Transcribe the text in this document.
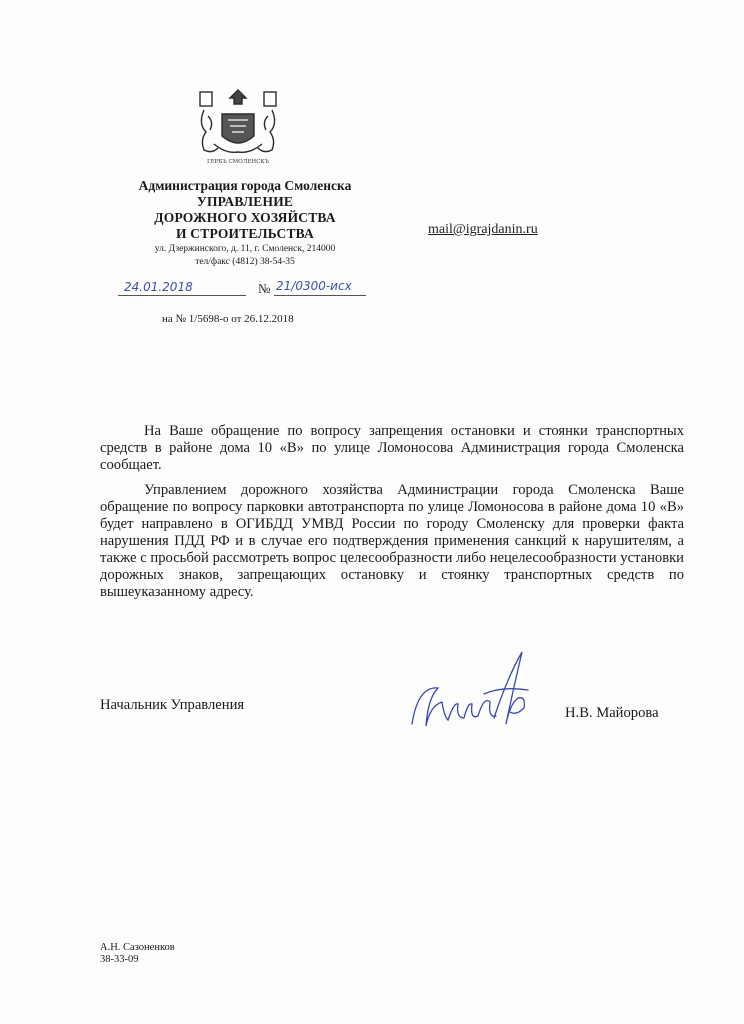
ГЕРБЪ СМОЛЕНСКЪ
Администрация города Смоленска
УПРАВЛЕНИЕ
ДОРОЖНОГО ХОЗЯЙСТВА
И СТРОИТЕЛЬСТВА
ул. Дзержинского, д. 11, г. Смоленск, 214000
тел/факс (4812) 38-54-35
mail@igrajdanin.ru
24.01.2018	№ 21/0300-исх
на № 1/5698-о от 26.12.2018

На Ваше обращение по вопросу запрещения остановки и стоянки транспортных средств в районе дома 10 «В» по улице Ломоносова Администрация города Смоленска сообщает.

Управлением дорожного хозяйства Администрации города Смоленска Ваше обращение по вопросу парковки автотранспорта по улице Ломоносова в районе дома 10 «В» будет направлено в ОГИБДД УМВД России по городу Смоленску для проверки факта нарушения ПДД РФ и в случае его подтверждения применения санкций к нарушителям, а также с просьбой рассмотреть вопрос целесообразности либо нецелесообразности установки дорожных знаков, запрещающих остановку и стоянку транспортных средств по вышеуказанному адресу.

Начальник Управления	Н.В. Майорова
А.Н. Сазоненков
38-33-09
